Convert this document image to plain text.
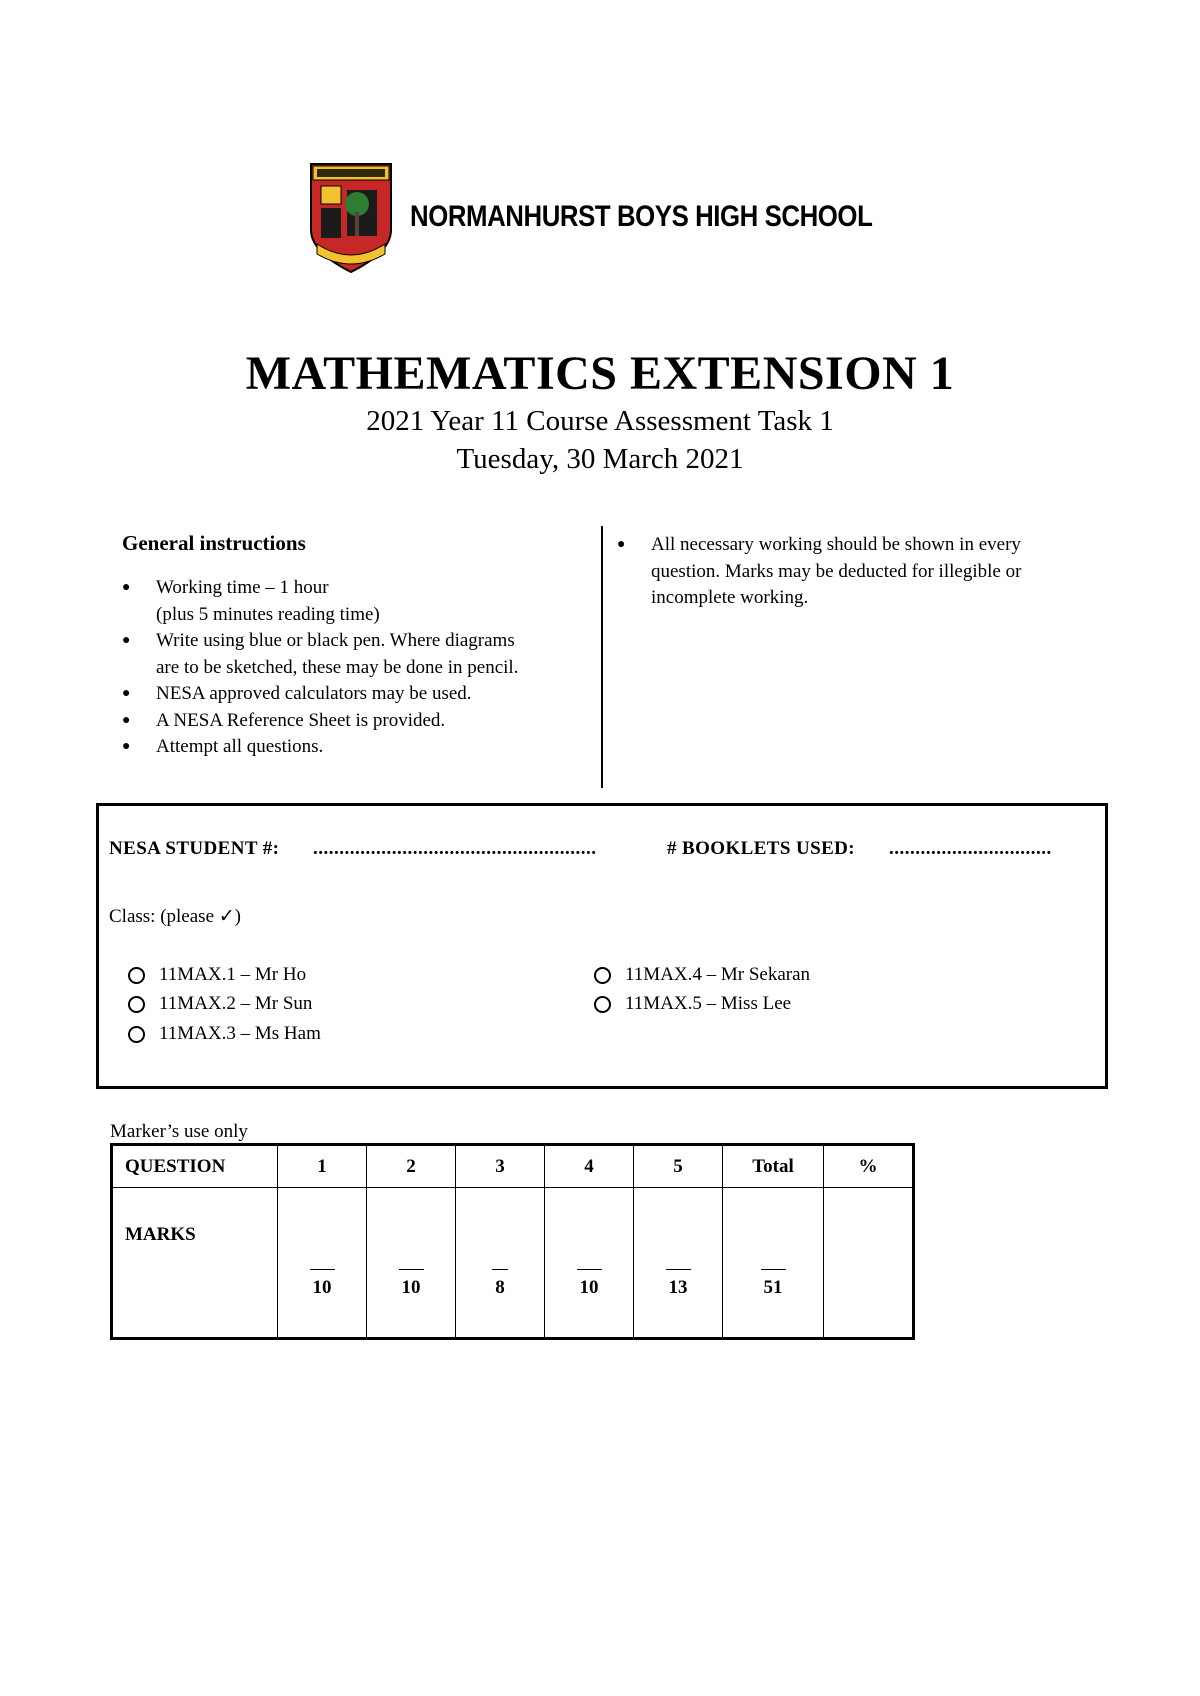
NORMANHURST BOYS HIGH SCHOOL
MATHEMATICS EXTENSION 1
2021 Year 11 Course Assessment Task 1
Tuesday, 30 March 2021
General instructions
● Working time – 1 hour
(plus 5 minutes reading time)
● Write using blue or black pen. Where diagrams
are to be sketched, these may be done in pencil.
● NESA approved calculators may be used.
● A NESA Reference Sheet is provided.
● Attempt all questions.
● All necessary working should be shown in every
question. Marks may be deducted for illegible or
incomplete working.
NESA STUDENT #: ......................................................	# BOOKLETS USED: ...............................
Class: (please ✓)
11MAX.1 – Mr Ho
11MAX.2 – Mr Sun
11MAX.3 – Ms Ham
11MAX.4 – Mr Sekaran
11MAX.5 – Miss Lee
Marker’s use only
QUESTION	1	2	3	4	5	Total	%
MARKS	10	10	8	10	13	51	
